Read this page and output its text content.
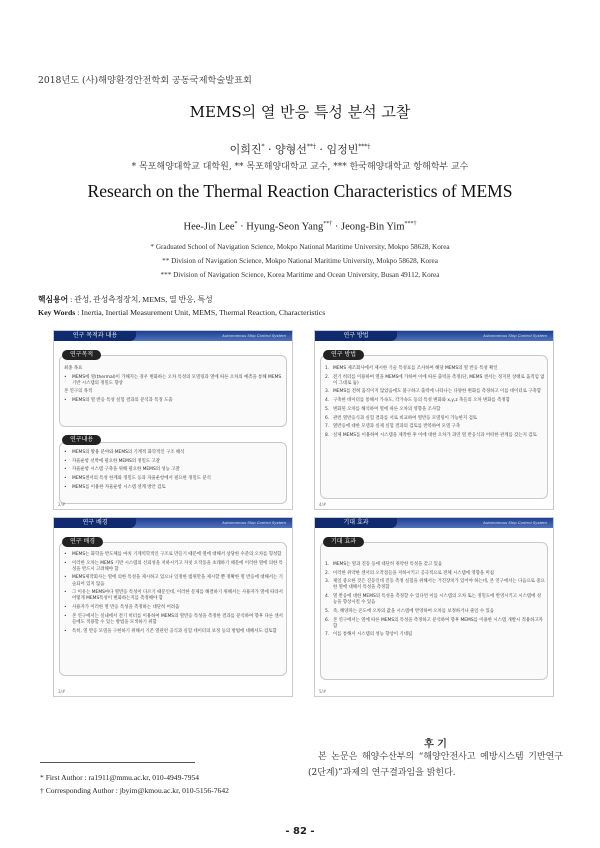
2018년도 (사)해양환경안전학회 공동국제학술발표회
MEMS의 열 반응 특성 분석 고찰
이희진* · 양형선**† · 임정빈***†
* 목포해양대학교 대학원, ** 목포해양대학교 교수, *** 한국해양대학교 항해학부 교수
Research on the Thermal Reaction Characteristics of MEMS
Hee-Jin Lee* · Hyung-Seon Yang**† · Jeong-Bin Yim***†
* Graduated School of Navigation Science, Mokpo National Maritime University, Mokpo 58628, Korea
** Division of Navigation Science, Mokpo National Maritime University, Mokpo 58628, Korea
*** Division of Navigation Science, Korea Maritime and Ocean University, Busan 49112, Korea
핵심용어 : 관성, 관성측정장치, MEMS, 열 반응, 특성
Key Words : Inertia, Inertial Measurement Unit, MEMS, Thermal Reaction, Characteristics
연구 목적과 내용	Autonomous Ship Control System
연구목적
최종 목표
• MEMS에 열(thermal)이 가해지는 경우 변화하는 오차 특성의 모델링과 열에 따른 오차의 예측을 통해 MEMS기반 시스템의 정밀도 향상
본 연구의 목적
• MEMS의 열 반응 특성 실험 결과의 분석과 특징 도출
연구내용
• MEMS의 활용 분야와 MEMS의 기계적 화학적인 구조 해석
• 자율운항 선박에 필요한 MEMS의 정밀도 고찰
• 자율운항 시스템 구축을 위해 필요한 MEMS의 성능 고찰
• MEMS센서의 특성 한계와 정밀도 등과 자율운항에서 필요한 정밀도 분석
• MEMS를 이용한 자율운항 시스템 설계 방안 검토
2/#
연구 방법	Autonomous Ship Control System
연구 방법
1. MEMS 제조회사에서 제시한 기술 특성표를 조사하여 해당 MEMS의 열 반응 특성 확인
2. 전기 히터를 이용하여 열을 MEMS에 가하여 이에 따른 출력을 측정(단, MEMS 센서는 정지된 상태로 움직임 없이 그대로 둠)
3. MEMS를 전혀 움직이지 않았음에도 불구하고 출력에 나타나는 다양한 변화를 측정하고 이를 데이터로 구축함
4. 구축한 데이터를 통해서 가속도, 각가속도 등의 특성 변화와 x,y,z 축들의 오차 변화를 측정함
5. 변화된 오차를 해석하여 열에 따른 오차의 영향을 조사함
6. 관련 열반응식과 실험 결과를 서로 비교하여 열반응 모델링이 가능한지 검토
7. 열반응에 대한 모델과 실제 실험 결과의 검토를 반복하여 모델 구축
8. 실제 MEMS를 이용하여 시스템을 제작한 후 이에 대한 오차가 과연 열 반응식과 어떠한 관계를 갖는지 검토
4/#
연구 배경	Autonomous Ship Control System
연구 배경
• MEMS는 화학을 반도체를 마치 기계역학적인 구조로 만들기 때문에 열에 대해서 상당한 수준의 오차를 형성함
• 이러한 오차는 MEMS 기반 시스템의 신뢰성을 저하시키고 자칫 오작동을 초래하기 때문에 이러한 열에 의한 특성을 반드시 고려해야 함
• MEMS제작회사는 열에 의한 특성을 제시하고 있으나 일정한 범위만을 제시할 뿐 정확한 열 반응에 대해서는 기술되어 있지 않음
• 그 이유는 MEMS마다 열반응 특성이 다르기 때문인데, 이러한 문제를 해결하기 위해서는 사용자가 열에 따라서 어떻게 MEMS특성이 변화하는지를 측정해야 함
• 사용자가 이러한 열 반응 특성을 측정하는 대단히 어려움
• 본 연구에서는 실내에서 전기 히터를 이용하여 MEMS의 열반응 특성을 측정한 결과를 분석하여 향후 다른 센서들에도 적용할 수 있는 방법을 모색하기 위함
• 특히, 열 반응 모델을 구현하기 위해서 기존 열관련 공식과 실험 데이터의 보정 등의 방법에 대해서도 검토함
3/#
기대 효과	Autonomous Ship Control System
기대 효과
1. MEMS는 열과 진동 등에 대단히 취약한 특성을 갖고 있음
2. 이러한 취약한 센서의 오작점들을 저하시키고 공극적으로 전체 시스템에 영향을 미침
3. 제일 중요한 것은 진동인데 진동 측정 실험을 위해서는 거진장치가 있어야 하는데, 본 연구에서는 다음으로 중요한 열에 대해서 특성을 측정함
4. 열 반응에 대한 MEMS의 특성을 측정할 수 있다면 이를 시스템의 오차 또는 정밀도에 반영시키고 시스템에 성능을 향상시킬 수 있음
5. 즉, 해양파는 온도에 오차의 값을 시스템에 반영하여 오차를 보정하거나 줄일 수 있음
6. 본 연구에서는 열에 따른 MEMS의 특성을 측정하고 분석하여 향후 MEMS를 이용한 시스템 개발시 적용하고자 함
7. 이를 통해서 시스템의 성능 향상이 기대됨
5/#
* First Author : ra1911@mmu.ac.kr, 010-4949-7954
† Corresponding Author : jbyim@kmou.ac.kr, 010-5156-7642
후 기
본 논문은 해양수산부의 “해양안전사고 예방시스템 기반연구(2단계)”과제의 연구결과임을 밝힌다.
- 82 -
